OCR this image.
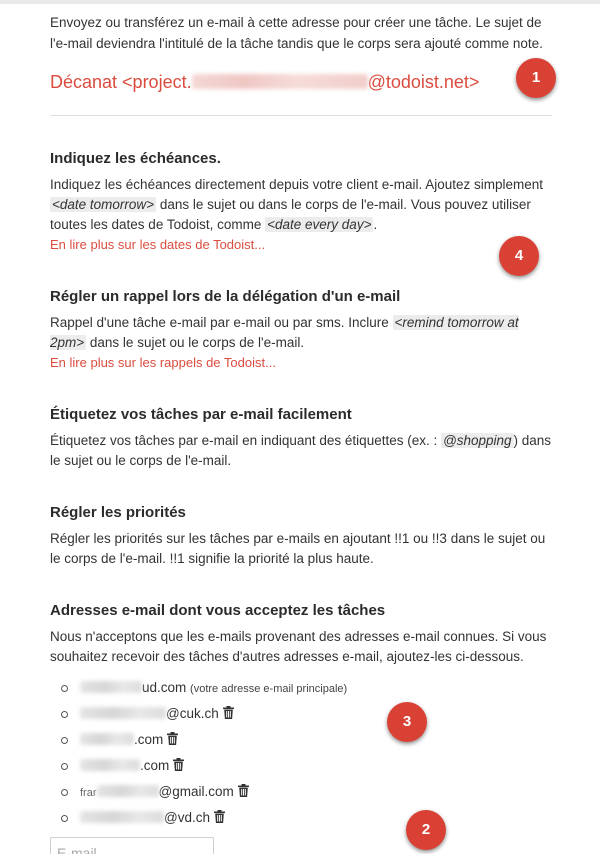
Envoyez ou transférez un e-mail à cette adresse pour créer une tâche. Le sujet de l'e-mail deviendra l'intitulé de la tâche tandis que le corps sera ajouté comme note.

Décanat <project.	@todoist.net>
Indiquez les échéances.

Indiquez les échéances directement depuis votre client e-mail. Ajoutez simplement <date tomorrow> dans le sujet ou dans le corps de l'e-mail. Vous pouvez utiliser toutes les dates de Todoist, comme <date every day> .

En lire plus sur les dates de Todoist...
Régler un rappel lors de la délégation d'un e-mail

Rappel d'une tâche e-mail par e-mail ou par sms. Inclure <remind tomorrow at 2pm> dans le sujet ou le corps de l'e-mail.

En lire plus sur les rappels de Todoist...
Étiquetez vos tâches par e-mail facilement

Étiquetez vos tâches par e-mail en indiquant des étiquettes (ex. : @shopping ) dans le sujet ou le corps de l'e-mail.

Régler les priorités

Régler les priorités sur les tâches par e-mails en ajoutant !!1 ou !!3 dans le sujet ou le corps de l'e-mail. !!1 signifie la priorité la plus haute.

Adresses e-mail dont vous acceptez les tâches

Nous n'acceptons que les e-mails provenant des adresses e-mail connues. Si vous souhaitez recevoir des tâches d'autres adresses e-mail, ajoutez-les ci-dessous.

ud.com (votre adresse e-mail principale)
@cuk.ch
.com
.com
frar	@gmail.com
@vd.ch
E-mail
1
4
3
2
